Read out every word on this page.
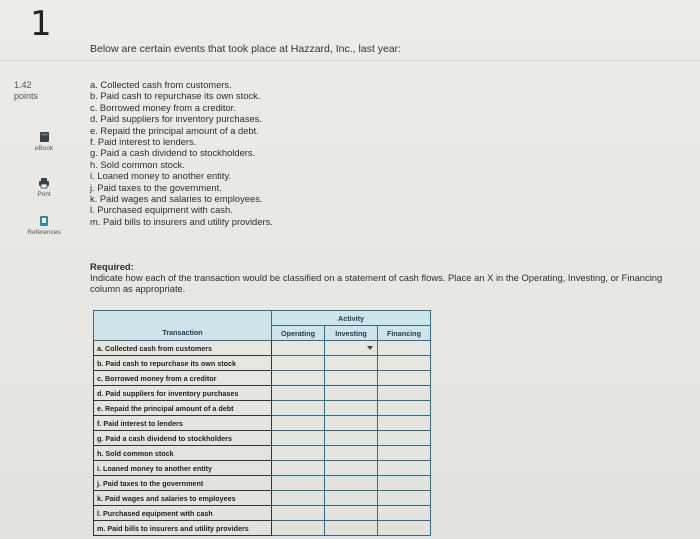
1
Below are certain events that took place at Hazzard, Inc., last year:
1.42
points
eBook
Print
References
a. Collected cash from customers.
b. Paid cash to repurchase its own stock.
c. Borrowed money from a creditor.
d. Paid suppliers for inventory purchases.
e. Repaid the principal amount of a debt.
f. Paid interest to lenders.
g. Paid a cash dividend to stockholders.
h. Sold common stock.
i. Loaned money to another entity.
j. Paid taxes to the government.
k. Paid wages and salaries to employees.
l. Purchased equipment with cash.
m. Paid bills to insurers and utility providers.
Required:
Indicate how each of the transaction would be classified on a statement of cash flows. Place an X in the Operating, Investing, or Financing column as appropriate.
	Activity		
Transaction	Operating	Investing	Financing
a. Collected cash from customers		

b. Paid cash to repurchase its own stock			
c. Borrowed money from a creditor			
d. Paid suppliers for inventory purchases			
e. Repaid the principal amount of a debt			
f. Paid interest to lenders			
g. Paid a cash dividend to stockholders			
h. Sold common stock			
i. Loaned money to another entity			
j. Paid taxes to the government			
k. Paid wages and salaries to employees			
l. Purchased equipment with cash			
m. Paid bills to insurers and utility providers			
